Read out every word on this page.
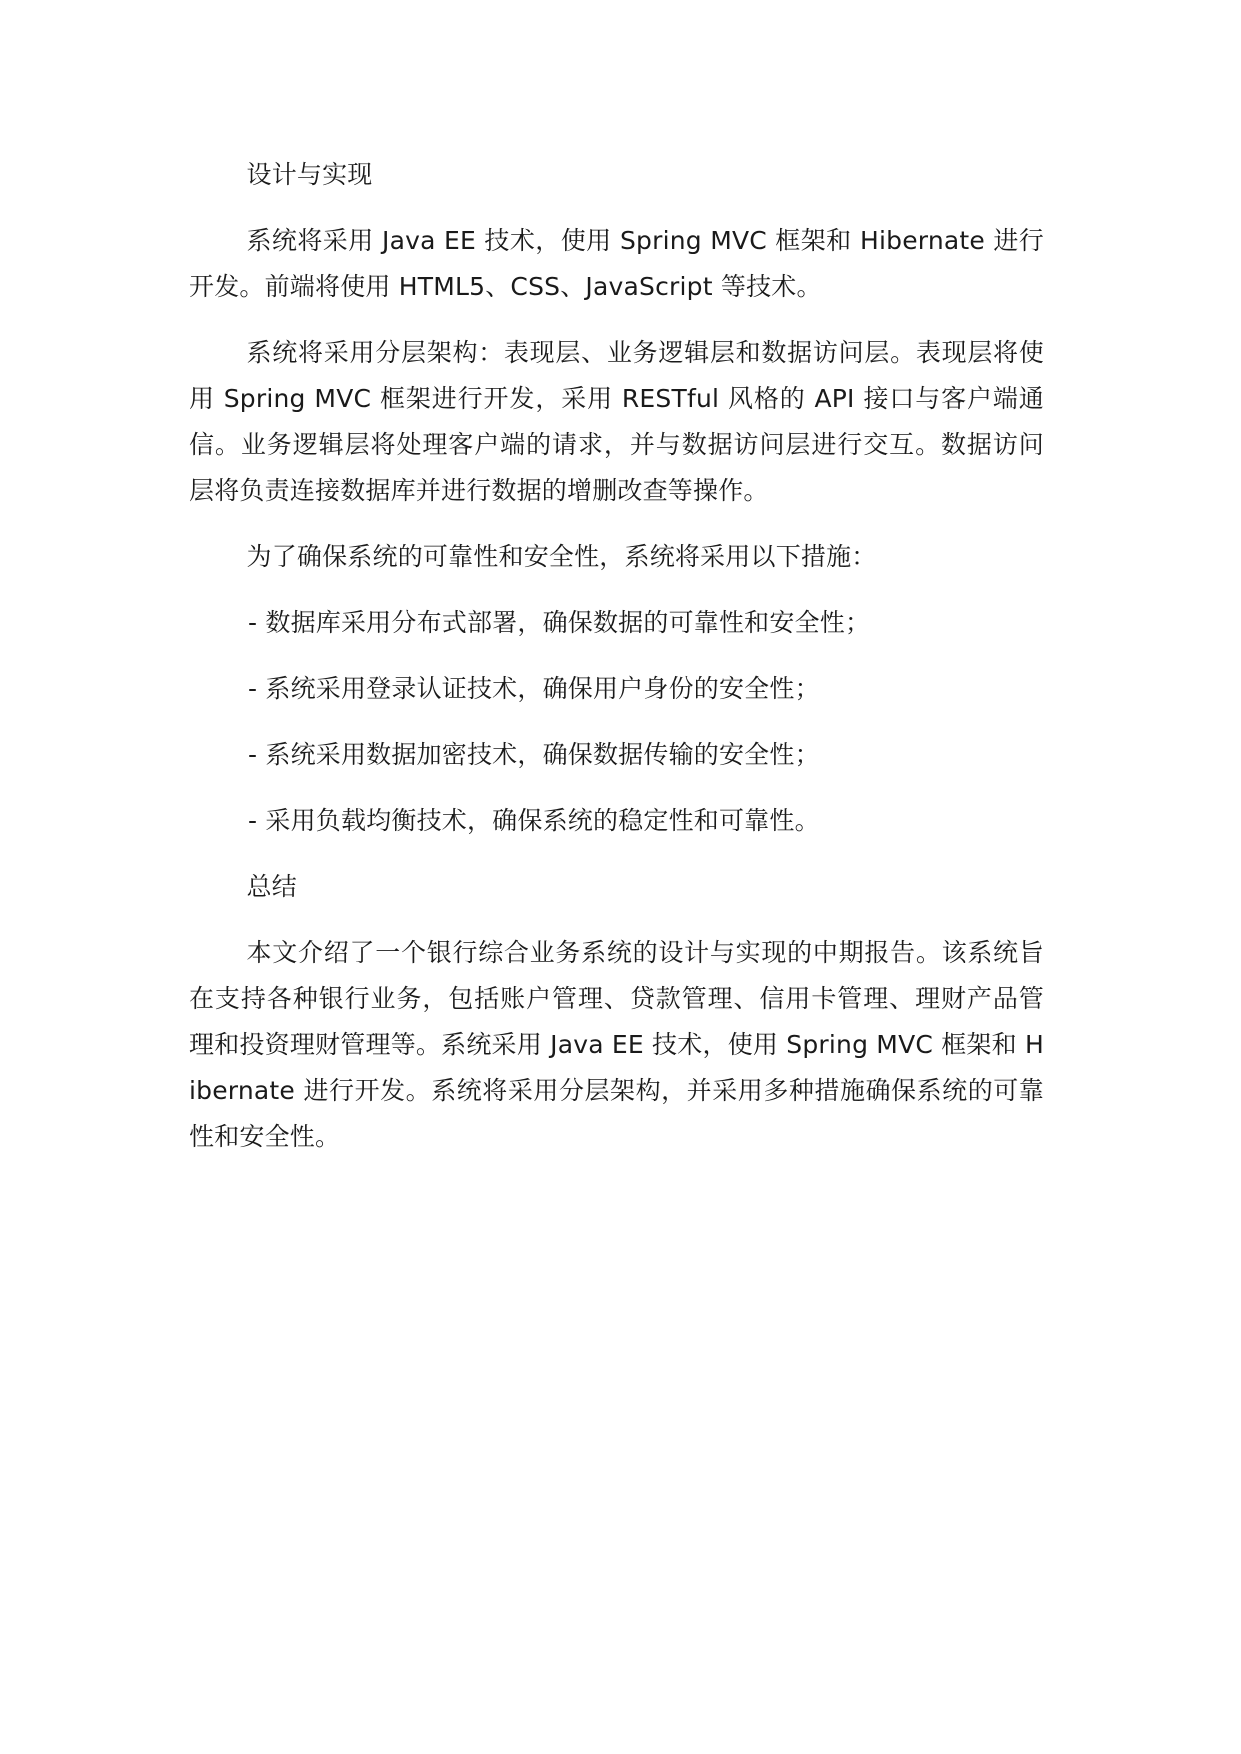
设计与实现

系统将采用 Java EE 技术，使用 Spring MVC 框架和 Hibernate 进行开发。前端将使用 HTML5、CSS、JavaScript 等技术。

系统将采用分层架构：表现层、业务逻辑层和数据访问层。表现层将使用 Spring MVC 框架进行开发，采用 RESTful 风格的 API 接口与客户端通信。业务逻辑层将处理客户端的请求，并与数据访问层进行交互。数据访问层将负责连接数据库并进行数据的增删改查等操作。

为了确保系统的可靠性和安全性，系统将采用以下措施：

- 数据库采用分布式部署，确保数据的可靠性和安全性；

- 系统采用登录认证技术，确保用户身份的安全性；

- 系统采用数据加密技术，确保数据传输的安全性；

- 采用负载均衡技术，确保系统的稳定性和可靠性。

总结

本文介绍了一个银行综合业务系统的设计与实现的中期报告。该系统旨在支持各种银行业务，包括账户管理、贷款管理、信用卡管理、理财产品管理和投资理财管理等。系统采用 Java EE 技术，使用 Spring MVC 框架和 Hibernate 进行开发。系统将采用分层架构，并采用多种措施确保系统的可靠性和安全性。
